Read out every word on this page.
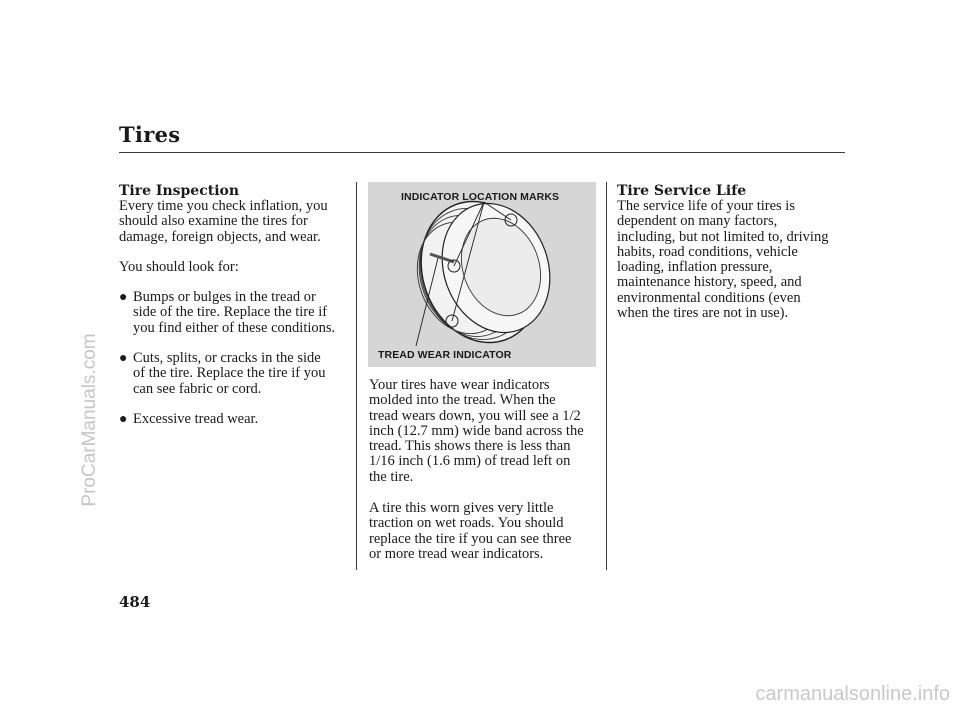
Tires
Tire Inspection
Every time you check inflation, you
should also examine the tires for
damage, foreign objects, and wear.
You should look for:
● Bumps or bulges in the tread or
side of the tire. Replace the tire if
you find either of these conditions.
● Cuts, splits, or cracks in the side
of the tire. Replace the tire if you
can see fabric or cord.
● Excessive tread wear.
INDICATOR LOCATION MARKS
TREAD WEAR INDICATOR
Your tires have wear indicators
molded into the tread. When the
tread wears down, you will see a 1/2
inch (12.7 mm) wide band across the
tread. This shows there is less than
1/16 inch (1.6 mm) of tread left on
the tire.
A tire this worn gives very little
traction on wet roads. You should
replace the tire if you can see three
or more tread wear indicators.
Tire Service Life
The service life of your tires is
dependent on many factors,
including, but not limited to, driving
habits, road conditions, vehicle
loading, inflation pressure,
maintenance history, speed, and
environmental conditions (even
when the tires are not in use).
484
ProCarManuals.com
carmanualsonline.info
